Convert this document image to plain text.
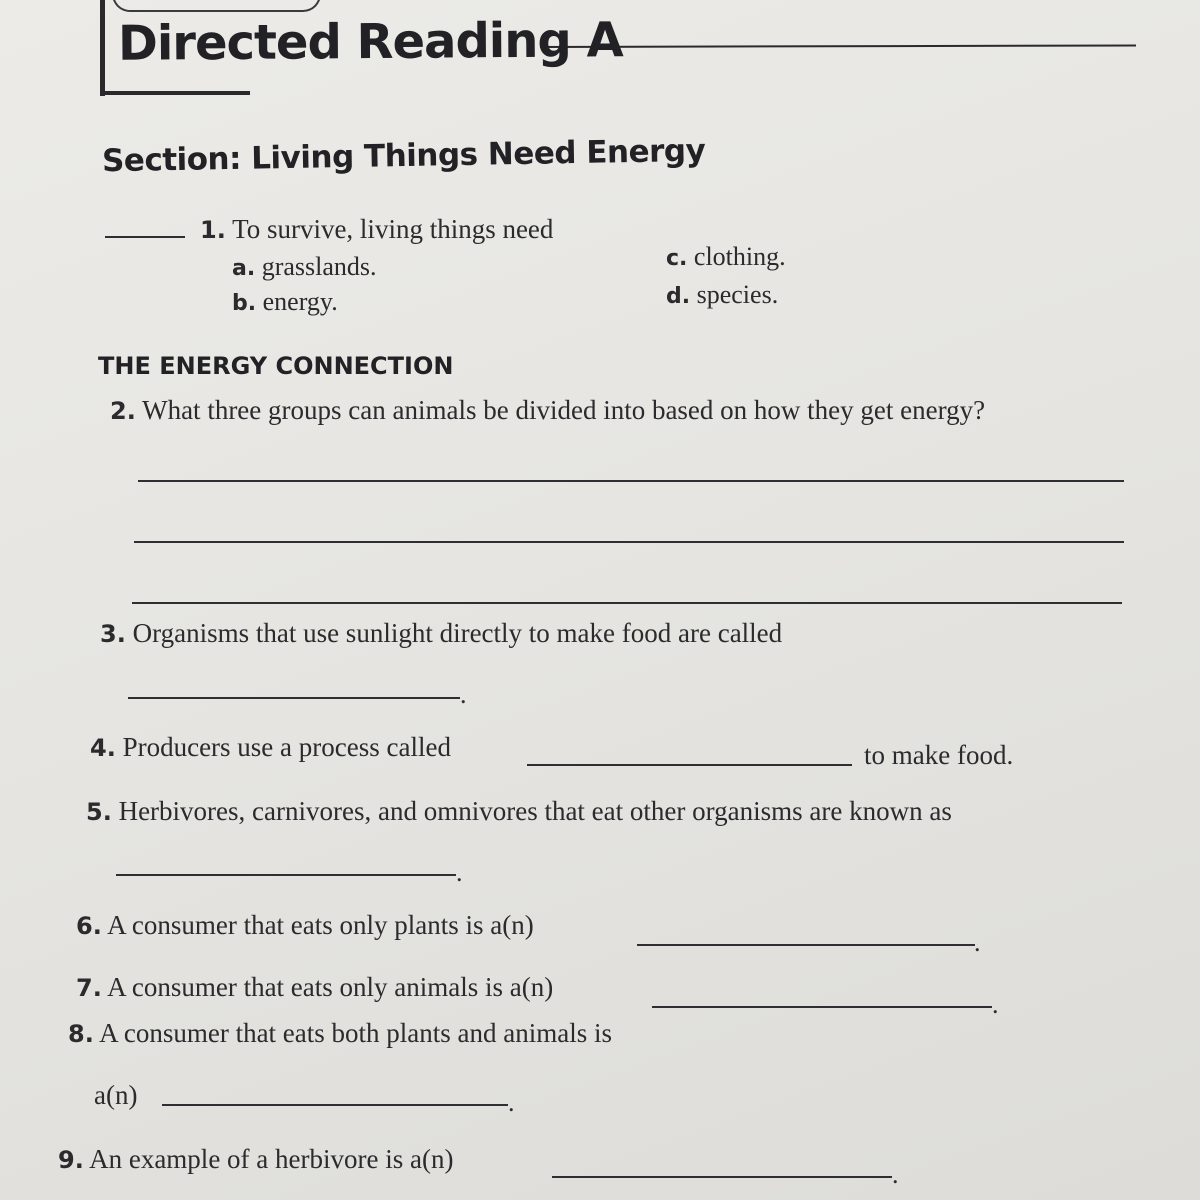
Directed Reading A
Section: Living Things Need Energy
1. To survive, living things need
a. grasslands.
b. energy.
c. clothing.
d. species.
THE ENERGY CONNECTION
2. What three groups can animals be divided into based on how they get energy?
3. Organisms that use sunlight directly to make food are called
.
4. Producers use a process called	to make food.
5. Herbivores, carnivores, and omnivores that eat other organisms are known as
.
6. A consumer that eats only plants is a(n)
.
7. A consumer that eats only animals is a(n)
.
8. A consumer that eats both plants and animals is
a(n)	.
9. An example of a herbivore is a(n)
.
